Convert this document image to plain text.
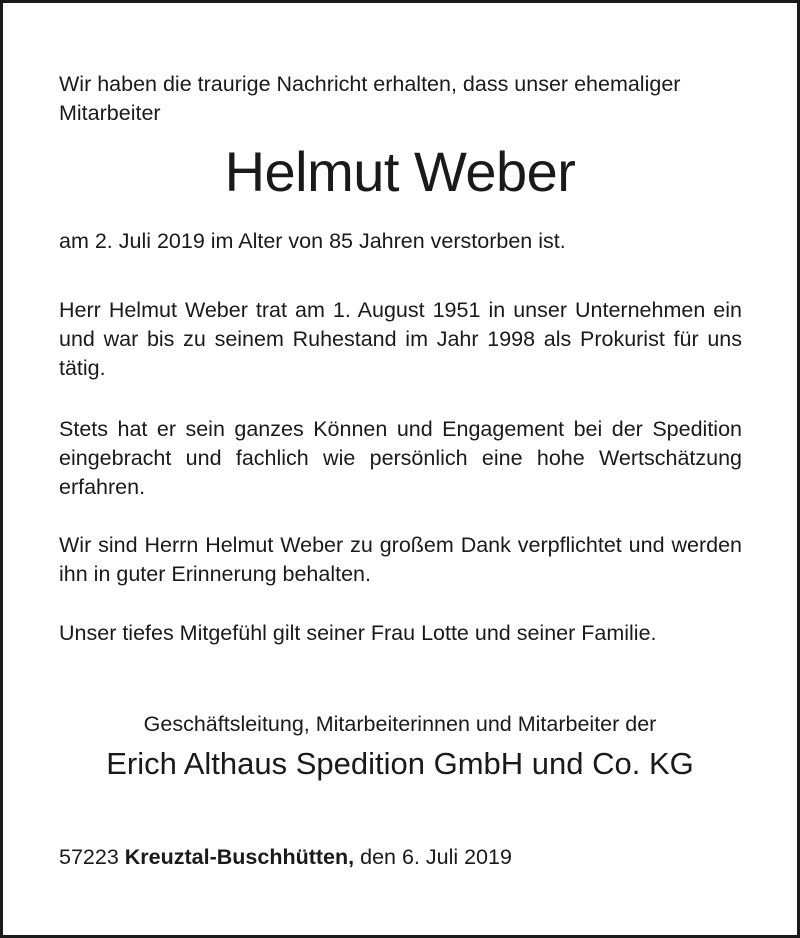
Wir haben die traurige Nachricht erhalten, dass unser ehemaliger Mitarbeiter
Helmut Weber
am 2. Juli 2019 im Alter von 85 Jahren verstorben ist.
Herr Helmut Weber trat am 1. August 1951 in unser Unternehmen ein und war bis zu seinem Ruhestand im Jahr 1998 als Prokurist für uns tätig.
Stets hat er sein ganzes Können und Engagement bei der Spedition eingebracht und fachlich wie persönlich eine hohe Wertschätzung erfahren.
Wir sind Herrn Helmut Weber zu großem Dank verpflichtet und werden ihn in guter Erinnerung behalten.
Unser tiefes Mitgefühl gilt seiner Frau Lotte und seiner Familie.
Geschäftsleitung, Mitarbeiterinnen und Mitarbeiter der
Erich Althaus Spedition GmbH und Co. KG
57223 Kreuztal-Buschhütten, den 6. Juli 2019
